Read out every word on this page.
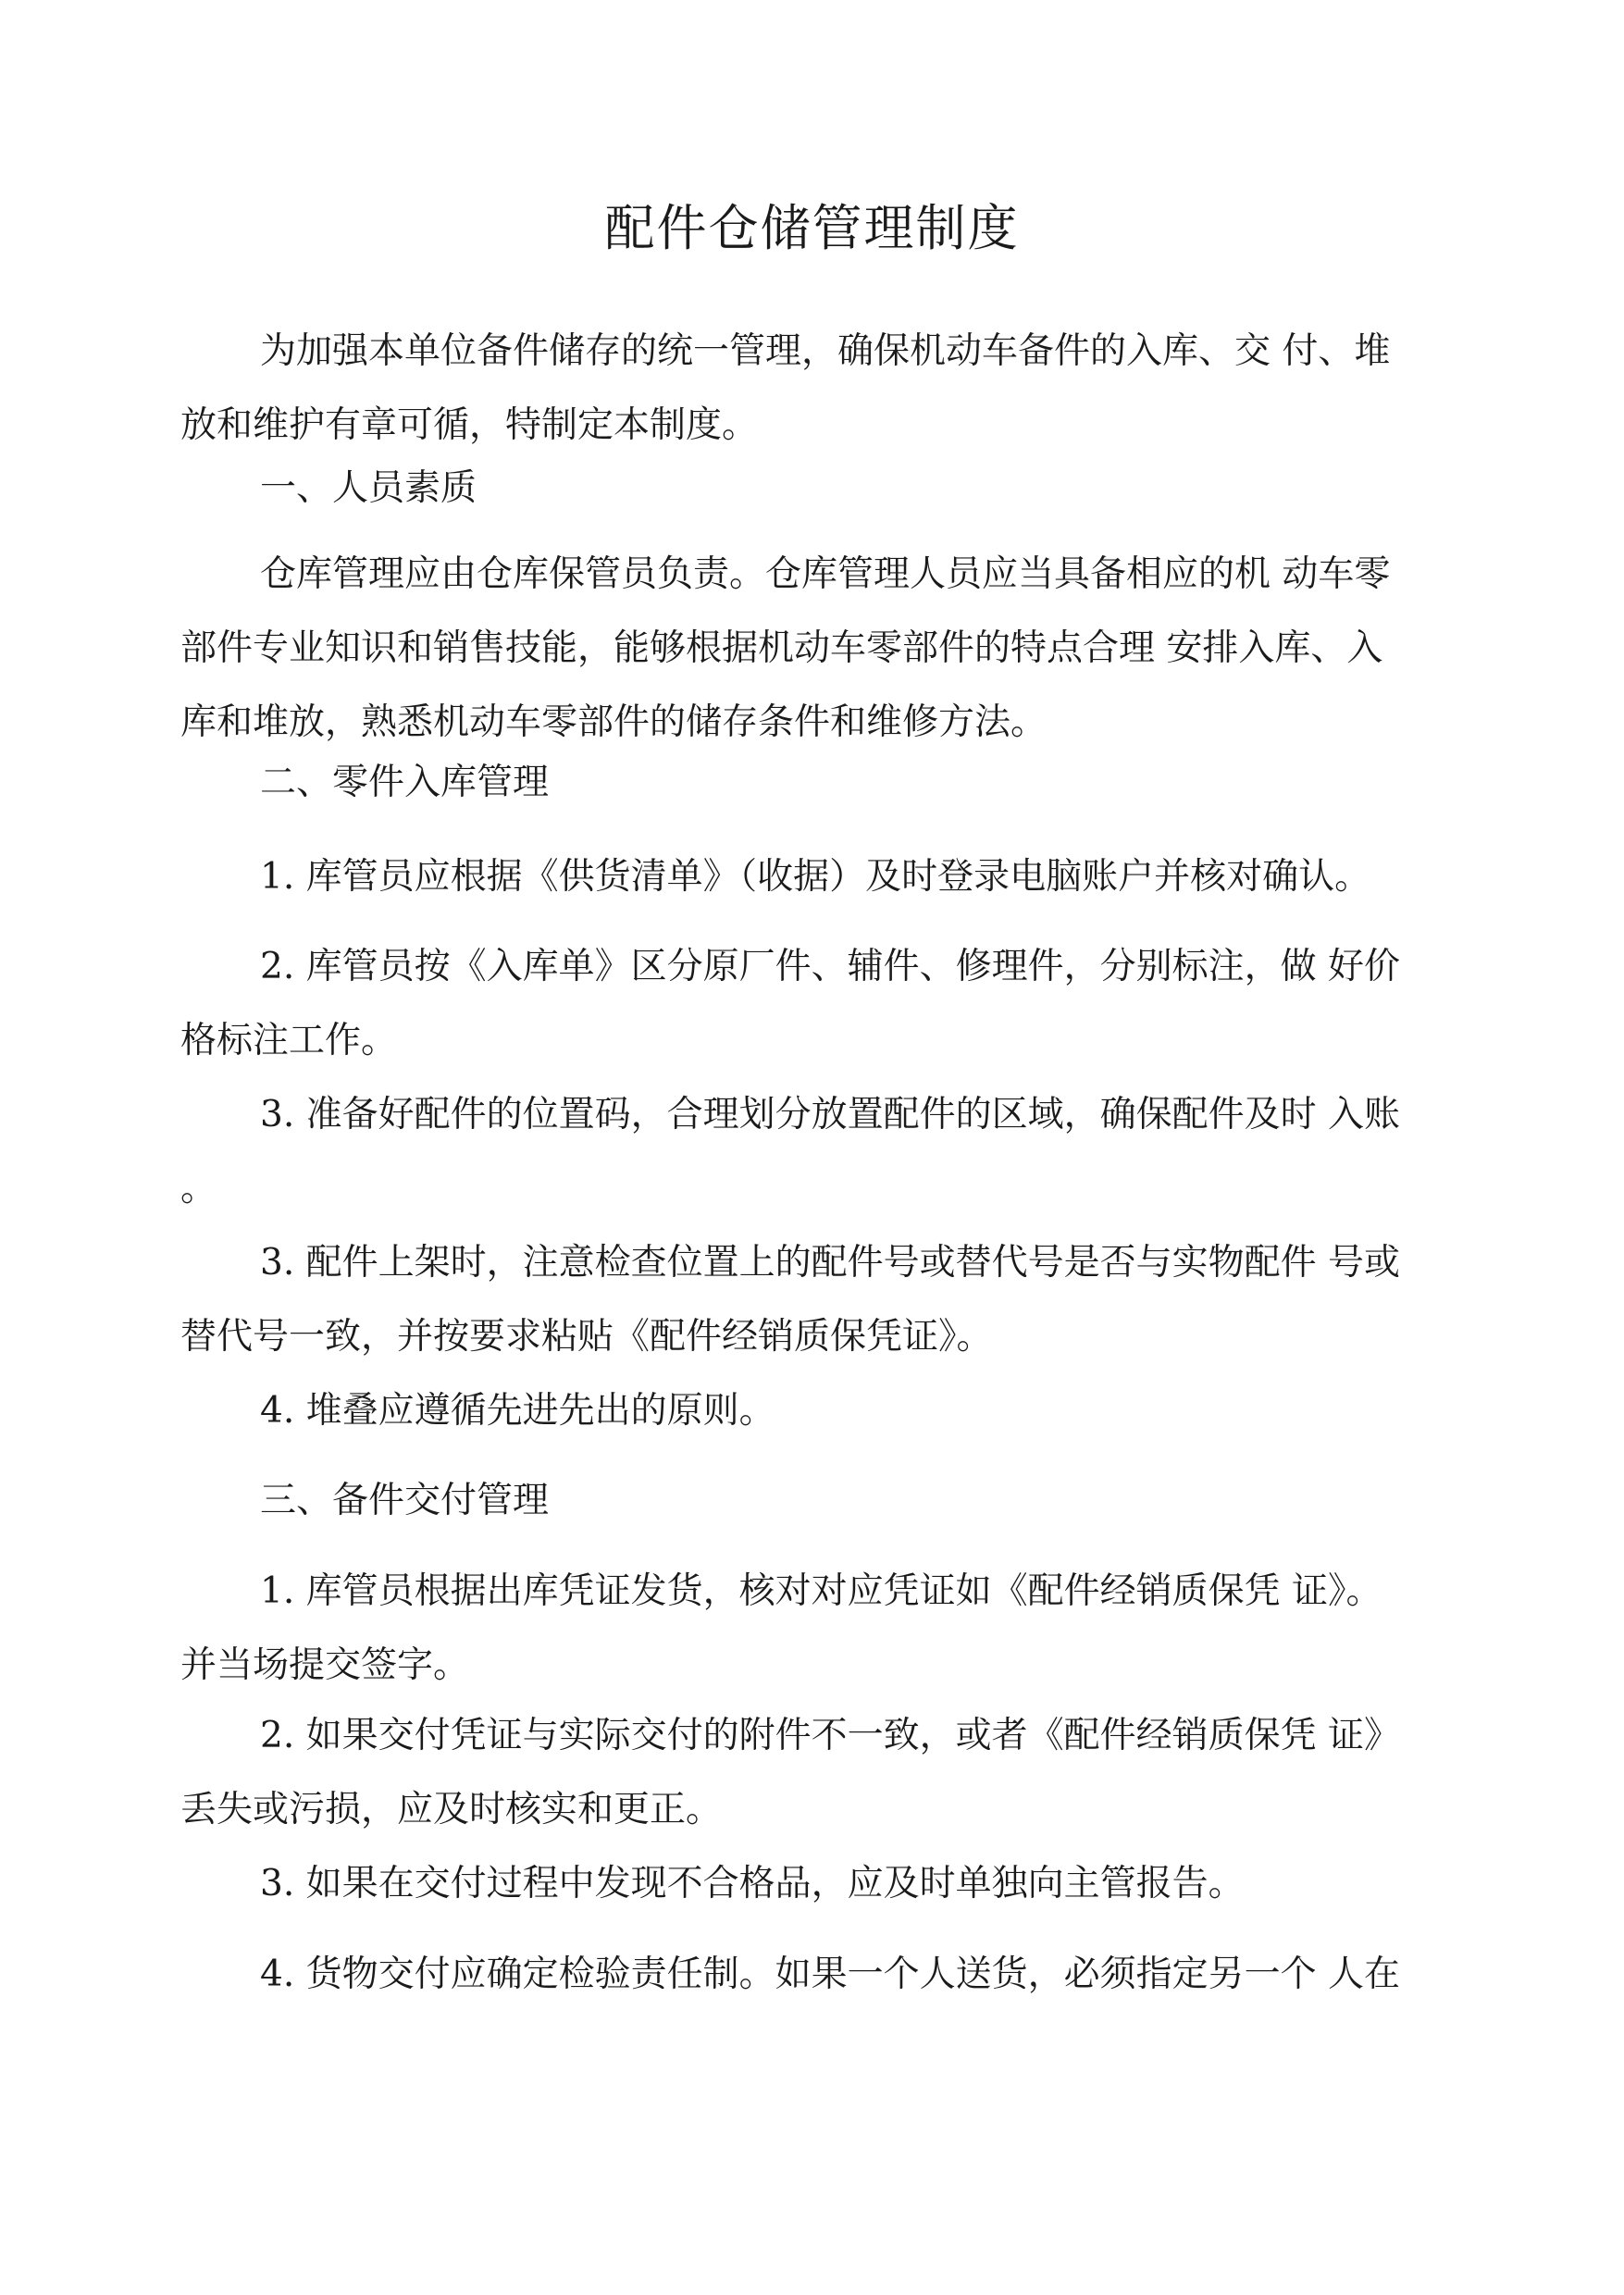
配件仓储管理制度

为加强本单位备件储存的统一管理，确保机动车备件的入库、交 付、堆
放和维护有章可循，特制定本制度。

一、人员素质

仓库管理应由仓库保管员负责。仓库管理人员应当具备相应的机 动车零
部件专业知识和销售技能，能够根据机动车零部件的特点合理 安排入库、入
库和堆放，熟悉机动车零部件的储存条件和维修方法。

二、零件入库管理

1. 库管员应根据《供货清单》（收据）及时登录电脑账户并核对确认。

2. 库管员按《入库单》区分原厂件、辅件、修理件，分别标注，做 好价
格标注工作。

3. 准备好配件的位置码，合理划分放置配件的区域，确保配件及时 入账
。

3. 配件上架时，注意检查位置上的配件号或替代号是否与实物配件 号或
替代号一致，并按要求粘贴《配件经销质保凭证》。

4. 堆叠应遵循先进先出的原则。

三、备件交付管理

1. 库管员根据出库凭证发货，核对对应凭证如《配件经销质保凭 证》。
并当场提交签字。

2. 如果交付凭证与实际交付的附件不一致，或者《配件经销质保凭 证》
丢失或污损，应及时核实和更正。

3. 如果在交付过程中发现不合格品，应及时单独向主管报告。

4. 货物交付应确定检验责任制。如果一个人送货，必须指定另一个 人在
